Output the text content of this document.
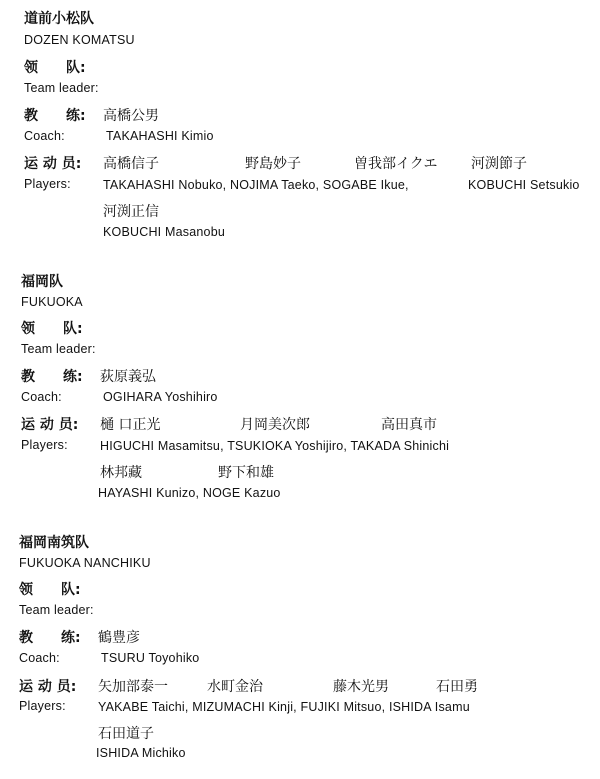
道前小松队
DOZEN KOMATSU
领　　队:
Team leader:
教　　练: 高橋公男
Coach:	TAKAHASHI Kimio
运 动 员: 高橋信子	野島妙子	曽我部イクエ 河渕節子
Players:	TAKAHASHI Nobuko, NOJIMA Taeko, SOGABE Ikue,	KOBUCHI Setsukio
河渕正信
KOBUCHI Masanobu
福岡队
FUKUOKA
领　　队:
Team leader:
教　　练: 荻原義弘
Coach:	OGIHARA Yoshihiro
运 动 员: 樋 口正光	月岡美次郎	高田真市
Players:	HIGUCHI Masamitsu, TSUKIOKA Yoshijiro, TAKADA Shinichi
林邦藏	野下和雄
HAYASHI Kunizo, NOGE Kazuo
福岡南筑队
FUKUOKA NANCHIKU
领　　队:
Team leader:
教　　练: 鶴豊彦
Coach:	TSURU Toyohiko
运 动 员: 矢加部泰一	水町金治	藤木光男	石田勇
Players:	YAKABE Taichi, MIZUMACHI Kinji, FUJIKI Mitsuo, ISHIDA Isamu
石田道子
ISHIDA Michiko
